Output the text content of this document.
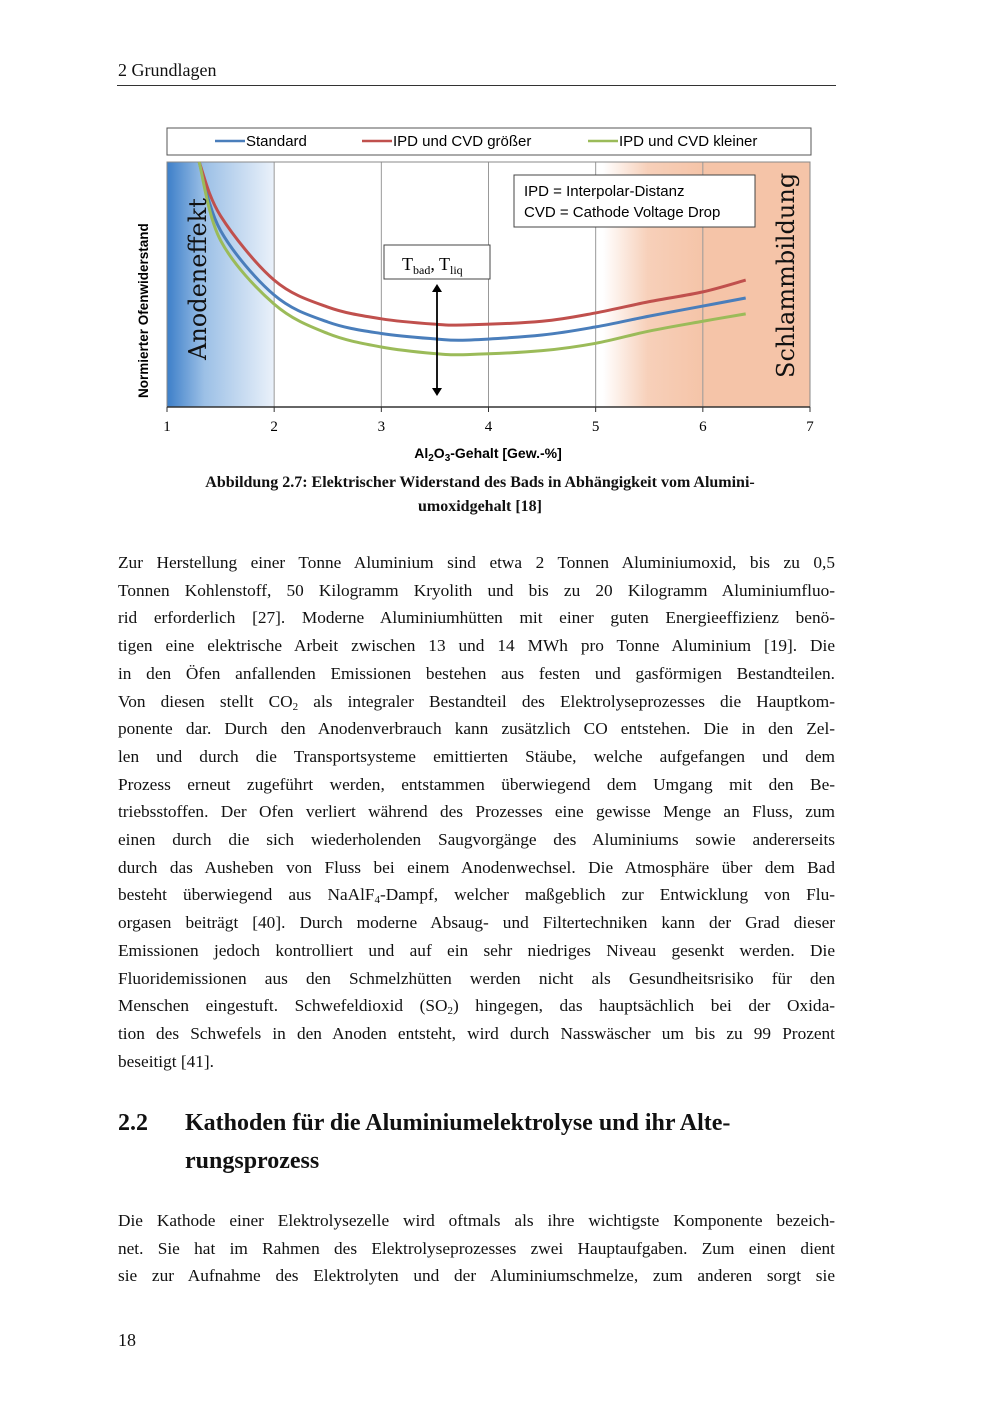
2 Grundlagen
Standard	IPD und CVD größer	IPD und CVD kleiner
1	2	3	4	5	6	7
Anodeneffekt	Schlammbildung
IPD = Interpolar-Distanz
CVD = Cathode Voltage Drop
$T_{bad}$, $T_{liq}$
Normierter Ofenwiderstand
$Al_2O_3$-Gehalt [Gew.-%]
Abbildung 2.7: Elektrischer Widerstand des Bads in Abhängigkeit vom Alumini-
umoxidgehalt [18]
Zur Herstellung einer Tonne Aluminium sind etwa 2 Tonnen Aluminiumoxid, bis zu 0,5
Tonnen Kohlenstoff, 50 Kilogramm Kryolith und bis zu 20 Kilogramm Aluminiumfluo-
rid erforderlich [27]. Moderne Aluminiumhütten mit einer guten Energieeffizienz benö-
tigen eine elektrische Arbeit zwischen 13 und 14 MWh pro Tonne Aluminium [19]. Die
in den Öfen anfallenden Emissionen bestehen aus festen und gasförmigen Bestandteilen.
Von diesen stellt $CO_2$ als integraler Bestandteil des Elektrolyseprozesses die Hauptkom-
ponente dar. Durch den Anodenverbrauch kann zusätzlich CO entstehen. Die in den Zel-
len und durch die Transportsysteme emittierten Stäube, welche aufgefangen und dem
Prozess erneut zugeführt werden, entstammen überwiegend dem Umgang mit den Be-
triebsstoffen. Der Ofen verliert während des Prozesses eine gewisse Menge an Fluss, zum
einen durch die sich wiederholenden Saugvorgänge des Aluminiums sowie andererseits
durch das Ausheben von Fluss bei einem Anodenwechsel. Die Atmosphäre über dem Bad
besteht überwiegend aus NaAlF$_4$-Dampf, welcher maßgeblich zur Entwicklung von Flu-
orgasen beiträgt [40]. Durch moderne Absaug- und Filtertechniken kann der Grad dieser
Emissionen jedoch kontrolliert und auf ein sehr niedriges Niveau gesenkt werden. Die
Fluoridemissionen aus den Schmelzhütten werden nicht als Gesundheitsrisiko für den
Menschen eingestuft. Schwefeldioxid $(SO_2)$ hingegen, das hauptsächlich bei der Oxida-
tion des Schwefels in den Anoden entsteht, wird durch Nasswäscher um bis zu 99 Prozent
beseitigt [41].
2.2 Kathoden für die Aluminiumelektrolyse und ihr Alte-
rungsprozess
Die Kathode einer Elektrolysezelle wird oftmals als ihre wichtigste Komponente bezeich-
net. Sie hat im Rahmen des Elektrolyseprozesses zwei Hauptaufgaben. Zum einen dient
sie zur Aufnahme des Elektrolyten und der Aluminiumschmelze, zum anderen sorgt sie
18
